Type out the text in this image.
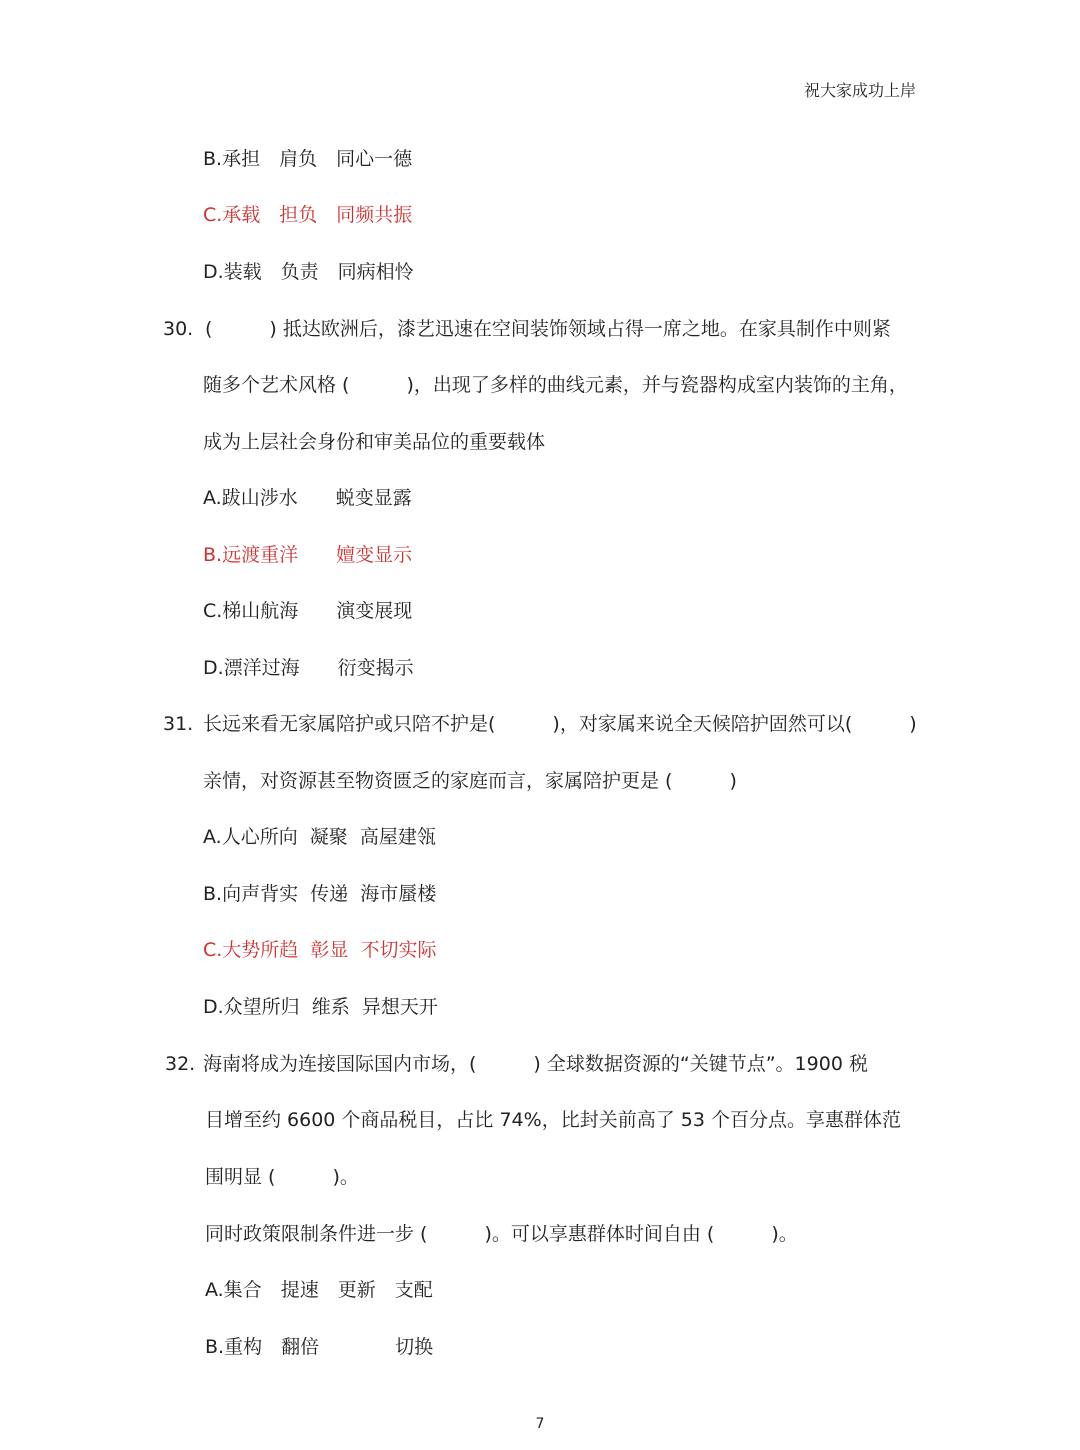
祝大家成功上岸
B.承担　肩负　同心一德
C.承载　担负　同频共振
D.装载　负责　同病相怜
30. (　　　) 抵达欧洲后，漆艺迅速在空间装饰领域占得一席之地。在家具制作中则紧
随多个艺术风格 (　　　)，出现了多样的曲线元素，并与瓷器构成室内装饰的主角，
成为上层社会身份和审美品位的重要载体
A.跋山涉水　　蜕变显露
B.远渡重洋　　嬗变显示
C.梯山航海　　演变展现
D.漂洋过海　　衍变揭示
31. 长远来看无家属陪护或只陪不护是(　　　)，对家属来说全天候陪护固然可以(　　　)
亲情，对资源甚至物资匮乏的家庭而言，家属陪护更是 (　　　)
A.人心所向  凝聚  高屋建瓴
B.向声背实  传递  海市蜃楼
C.大势所趋  彰显  不切实际
D.众望所归  维系  异想天开
32. 海南将成为连接国际国内市场，(　　　) 全球数据资源的“关键节点”。1900 税
目增至约 6600 个商品税目，占比 74%，比封关前高了 53 个百分点。享惠群体范
围明显 (　　　)。
同时政策限制条件进一步 (　　　)。可以享惠群体时间自由 (　　　)。
A.集合　提速　更新　支配
B.重构　翻倍　　　　切换
7
